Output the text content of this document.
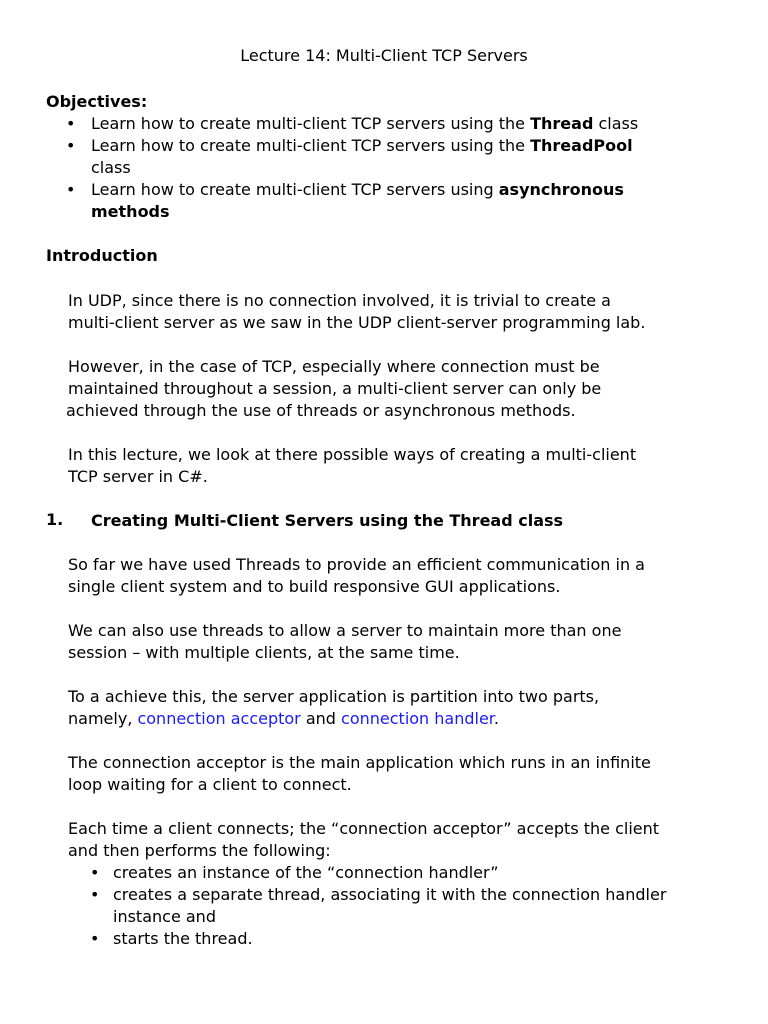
Lecture 14: Multi-Client TCP Servers
Objectives:
• Learn how to create multi-client TCP servers using the Thread class
• Learn how to create multi-client TCP servers using the ThreadPool
class
• Learn how to create multi-client TCP servers using asynchronous
methods
Introduction
In UDP, since there is no connection involved, it is trivial to create a
multi-client server as we saw in the UDP client-server programming lab.
However, in the case of TCP, especially where connection must be
maintained throughout a session, a multi-client server can only be
achieved through the use of threads or asynchronous methods.
In this lecture, we look at there possible ways of creating a multi-client
TCP server in C#.
1. Creating Multi-Client Servers using the Thread class
So far we have used Threads to provide an efficient communication in a
single client system and to build responsive GUI applications.
We can also use threads to allow a server to maintain more than one
session – with multiple clients, at the same time.
To a achieve this, the server application is partition into two parts,
namely, connection acceptor and connection handler.
The connection acceptor is the main application which runs in an infinite
loop waiting for a client to connect.
Each time a client connects; the “connection acceptor” accepts the client
and then performs the following:
• creates an instance of the “connection handler”
• creates a separate thread, associating it with the connection handler
instance and
• starts the thread.
